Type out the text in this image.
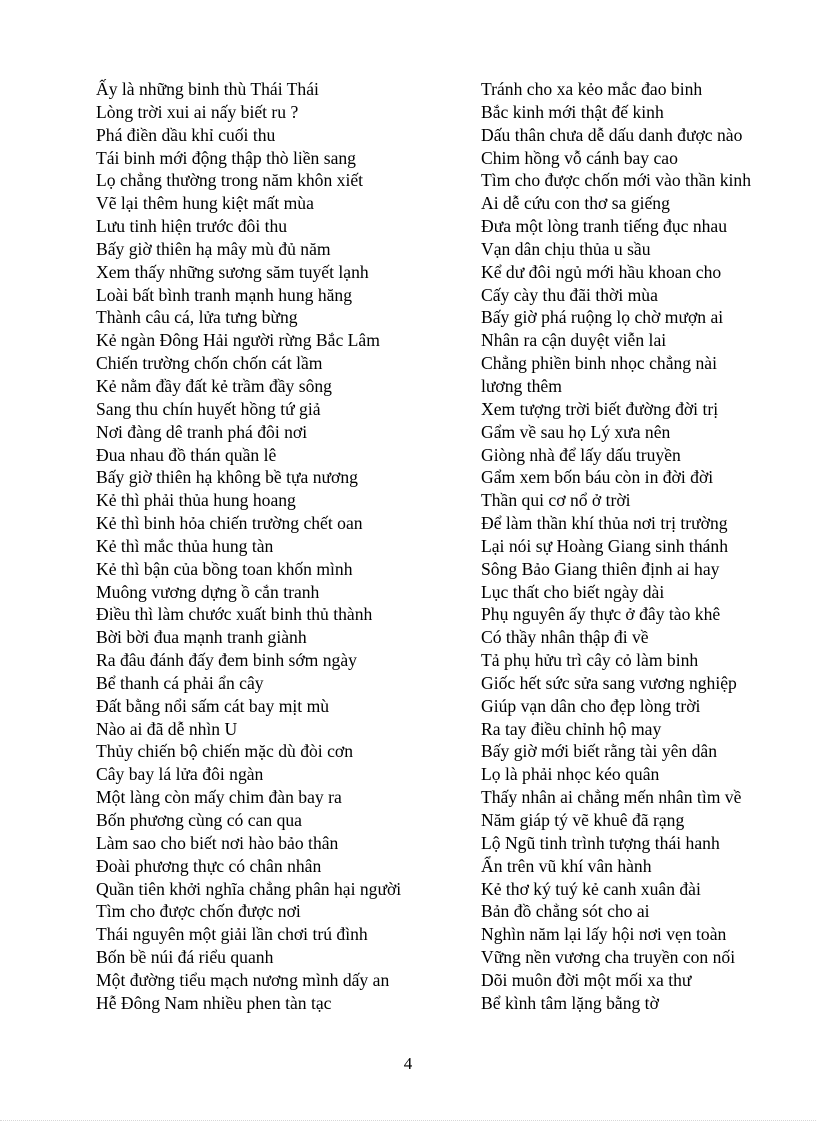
Ấy là những binh thù Thái Thái
Lòng trời xui ai nấy biết ru ?
Phá điền dầu khỉ cuối thu
Tái binh mới động thập thò liền sang
Lọ chẳng thường trong năm khôn xiết
Vẽ lại thêm hung kiệt mất mùa
Lưu tinh hiện trước đôi thu
Bấy giờ thiên hạ mây mù đủ năm
Xem thấy những sương săm tuyết lạnh
Loài bất bình tranh mạnh hung hăng
Thành câu cá, lửa tưng bừng
Kẻ ngàn Đông Hải người rừng Bắc Lâm
Chiến trường chốn chốn cát lầm
Kẻ nằm đầy đất kẻ trầm đầy sông
Sang thu chín huyết hồng tứ giả
Nơi đàng dê tranh phá đôi nơi
Đua nhau đồ thán quần lê
Bấy giờ thiên hạ không bề tựa nương
Kẻ thì phải thủa hung hoang
Kẻ thì binh hỏa chiến trường chết oan
Kẻ thì mắc thủa hung tàn
Kẻ thì bận của bồng toan khốn mình
Muông vương dựng ồ cắn tranh
Điều thì làm chước xuất binh thủ thành
Bời bời đua mạnh tranh giành
Ra đâu đánh đấy đem binh sớm ngày
Bể thanh cá phải ẩn cây
Đất bằng nổi sấm cát bay mịt mù
Nào ai đã dễ nhìn U
Thủy chiến bộ chiến mặc dù đòi cơn
Cây bay lá lửa đôi ngàn
Một làng còn mấy chim đàn bay ra
Bốn phương cùng có can qua
Làm sao cho biết nơi hào bảo thân
Đoài phương thực có chân nhân
Quần tiên khởi nghĩa chẳng phân hại người
Tìm cho được chốn được nơi
Thái nguyên một giải lần chơi trú đình
Bốn bề núi đá riểu quanh
Một đường tiểu mạch nương mình dấy an
Hễ Đông Nam nhiều phen tàn tạc
Tránh cho xa kẻo mắc đao binh
Bắc kinh mới thật đế kinh
Dấu thân chưa dễ dấu danh được nào
Chim hồng vỗ cánh bay cao
Tìm cho được chốn mới vào thần kinh
Ai dễ cứu con thơ sa giếng
Đưa một lòng tranh tiếng đục nhau
Vạn dân chịu thủa u sầu
Kể dư đôi ngủ mới hầu khoan cho
Cấy cày thu đãi thời mùa
Bấy giờ phá ruộng lọ chờ mượn ai
Nhân ra cận duyệt viễn lai
Chẳng phiền binh nhọc chẳng nài
lương thêm
Xem tượng trời biết đường đời trị
Gẩm về sau họ Lý xưa nên
Giòng nhà để lấy dấu truyền
Gẩm xem bốn báu còn in đời đời
Thần qui cơ nổ ở trời
Để làm thần khí thủa nơi trị trường
Lại nói sự Hoàng Giang sinh thánh
Sông Bảo Giang thiên định ai hay
Lục thất cho biết ngày dài
Phụ nguyên ấy thực ở đây tào khê
Có thầy nhân thập đi về
Tả phụ hửu trì cây cỏ làm binh
Giốc hết sức sửa sang vương nghiệp
Giúp vạn dân cho đẹp lòng trời
Ra tay điều chỉnh hộ may
Bấy giờ mới biết rằng tài yên dân
Lọ là phải nhọc kéo quân
Thấy nhân ai chẳng mến nhân tìm về
Năm giáp tý vẽ khuê đã rạng
Lộ Ngũ tinh trình tượng thái hanh
Ẩn trên vũ khí vân hành
Kẻ thơ ký tuý kẻ canh xuân đài
Bản đồ chẳng sót cho ai
Nghìn năm lại lấy hội nơi vẹn toàn
Vững nền vương cha truyền con nối
Dõi muôn đời một mối xa thư
Bể kình tâm lặng bằng tờ
4
